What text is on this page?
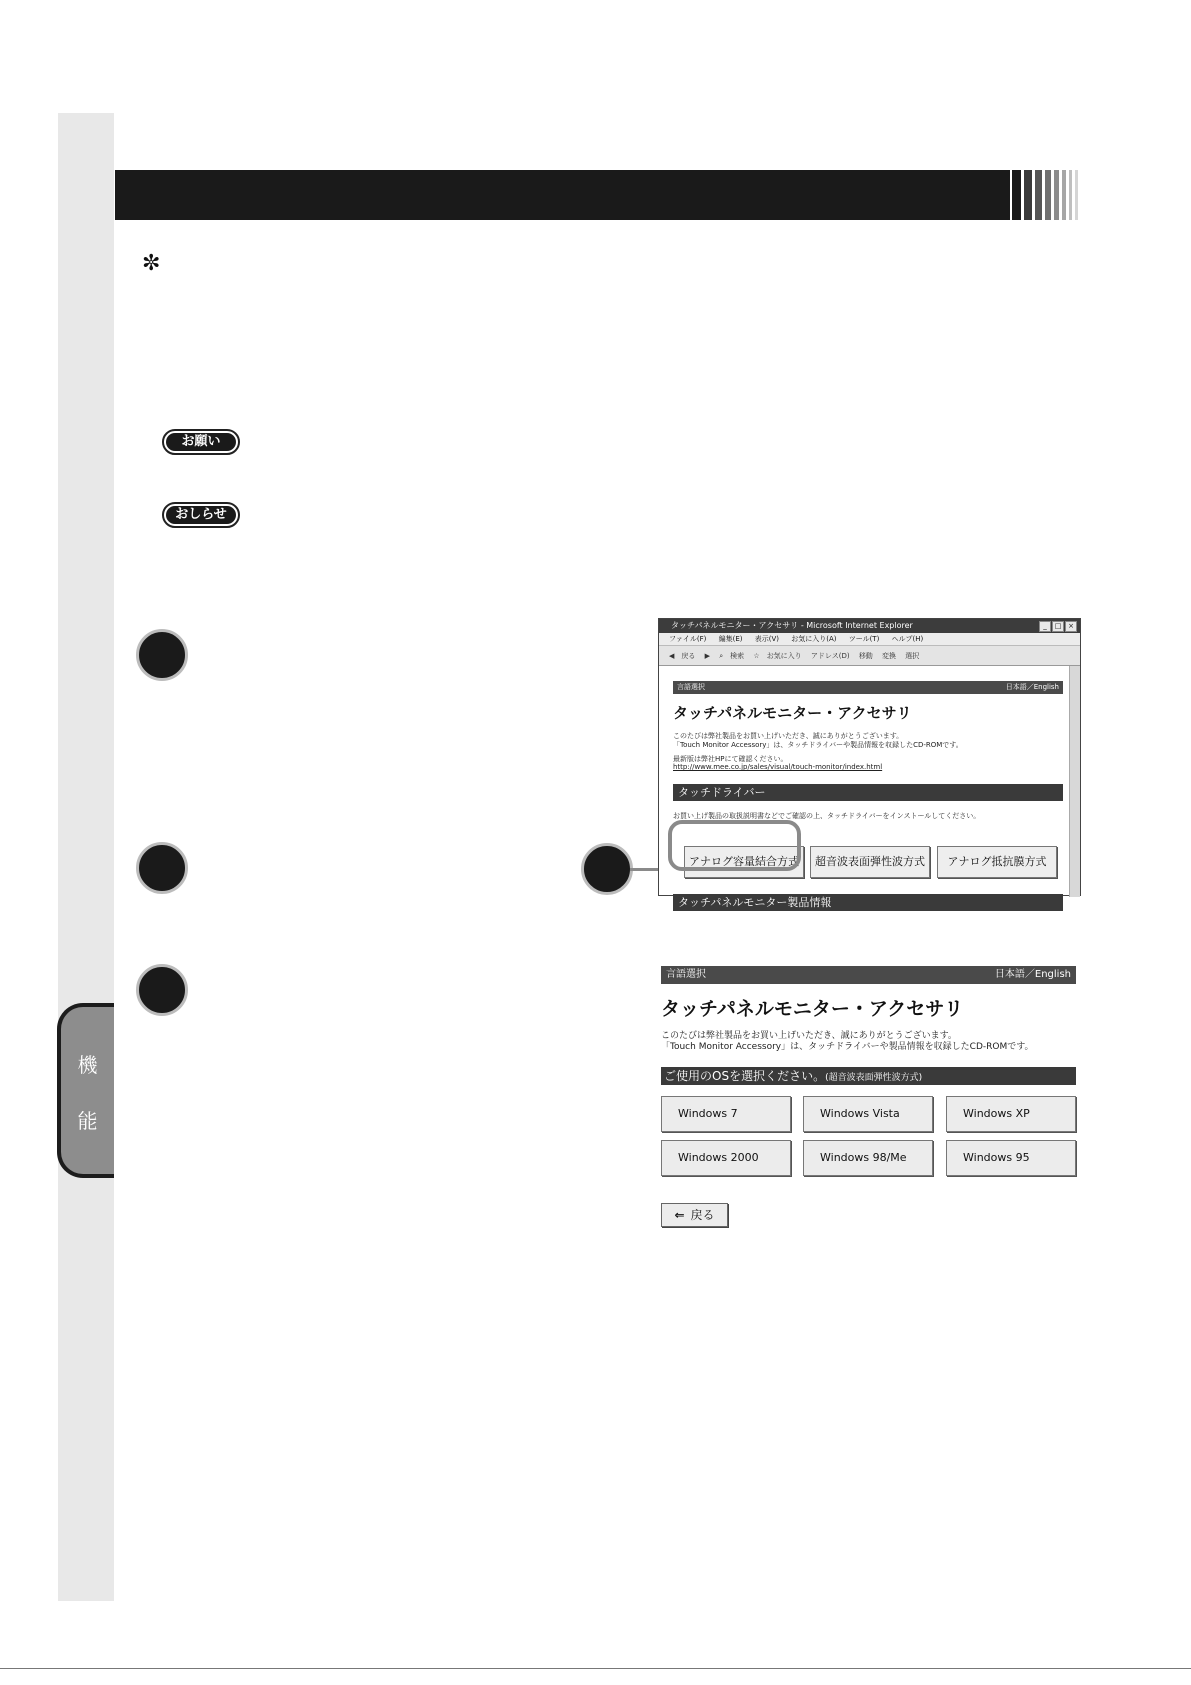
機
能
✼
お願い
おしらせ
タッチパネルモニター・アクセサリ - Microsoft Internet Explorer	_	□ ×
ファイル(F) 編集(E) 表示(V) お気に入り(A) ツール(T) ヘルプ(H)
◀ 戻る ▶ ⌕ 検索 ☆ お気に入り アドレス(D) 移動 変換 選択
言語選択	日本語／English
タッチパネルモニター・アクセサリ
このたびは弊社製品をお買い上げいただき、誠にありがとうございます。
「Touch Monitor Accessory」は、タッチドライバーや製品情報を収録したCD-ROMです。
最新版は弊社HPにて確認ください。
http://www.mee.co.jp/sales/visual/touch-monitor/index.html
タッチドライバー
お買い上げ製品の取扱説明書などでご確認の上、タッチドライバーをインストールしてください。
アナログ容量結合方式	超音波表面弾性波方式	アナログ抵抗膜方式
タッチパネルモニター製品情報
言語選択	日本語／English
タッチパネルモニター・アクセサリ
このたびは弊社製品をお買い上げいただき、誠にありがとうございます。
「Touch Monitor Accessory」は、タッチドライバーや製品情報を収録したCD-ROMです。
ご使用のOSを選択ください。(超音波表面弾性波方式)
Windows 7	Windows Vista	Windows XP
Windows 2000	Windows 98/Me	Windows 95
⇐ 戻る
